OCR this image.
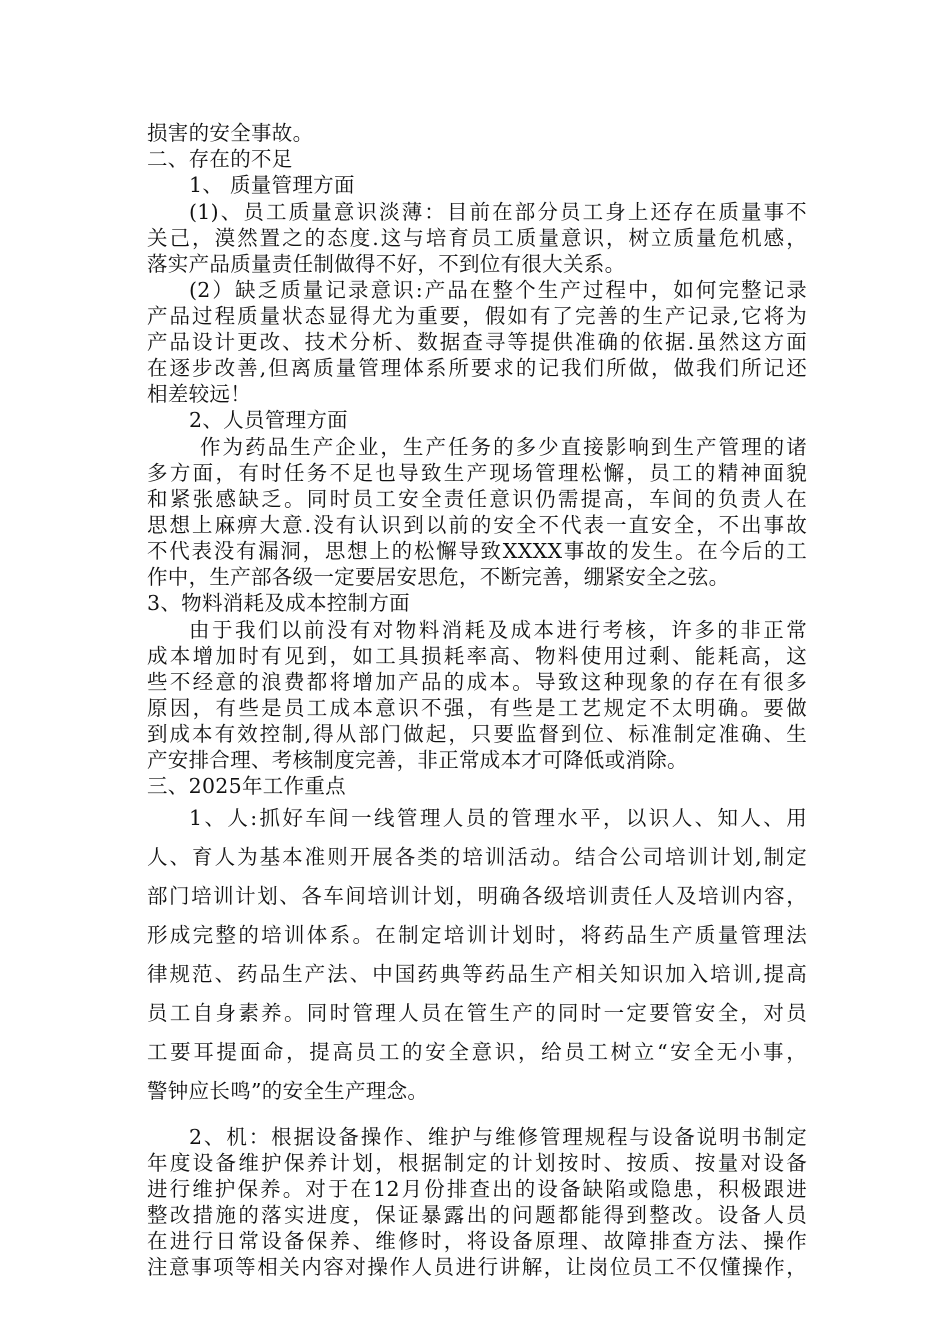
损害的安全事故。
二、存在的不足
1、 质量管理方面
(1)、员工质量意识淡薄：目前在部分员工身上还存在质量事不
关己，漠然置之的态度.这与培育员工质量意识，树立质量危机感，
落实产品质量责任制做得不好，不到位有很大关系。
(2）缺乏质量记录意识:产品在整个生产过程中，如何完整记录
产品过程质量状态显得尤为重要，假如有了完善的生产记录,它将为
产品设计更改、技术分析、数据查寻等提供准确的依据.虽然这方面
在逐步改善,但离质量管理体系所要求的记我们所做，做我们所记还
相差较远！
2、人员管理方面
作为药品生产企业，生产任务的多少直接影响到生产管理的诸
多方面，有时任务不足也导致生产现场管理松懈，员工的精神面貌
和紧张感缺乏。同时员工安全责任意识仍需提高，车间的负责人在
思想上麻痹大意.没有认识到以前的安全不代表一直安全，不出事故
不代表没有漏洞，思想上的松懈导致XXXX事故的发生。在今后的工
作中，生产部各级一定要居安思危，不断完善，绷紧安全之弦。
3、物料消耗及成本控制方面
由于我们以前没有对物料消耗及成本进行考核，许多的非正常
成本增加时有见到，如工具损耗率高、物料使用过剩、能耗高，这
些不经意的浪费都将增加产品的成本。导致这种现象的存在有很多
原因，有些是员工成本意识不强，有些是工艺规定不太明确。要做
到成本有效控制,得从部门做起，只要监督到位、标准制定准确、生
产安排合理、考核制度完善，非正常成本才可降低或消除。
三、2025年工作重点
1、人:抓好车间一线管理人员的管理水平，以识人、知人、用
人、育人为基本准则开展各类的培训活动。结合公司培训计划,制定
部门培训计划、各车间培训计划，明确各级培训责任人及培训内容，
形成完整的培训体系。在制定培训计划时，将药品生产质量管理法
律规范、药品生产法、中国药典等药品生产相关知识加入培训,提高
员工自身素养。同时管理人员在管生产的同时一定要管安全，对员
工要耳提面命，提高员工的安全意识，给员工树立“安全无小事，
警钟应长鸣”的安全生产理念。
2、机：根据设备操作、维护与维修管理规程与设备说明书制定
年度设备维护保养计划，根据制定的计划按时、按质、按量对设备
进行维护保养。对于在12月份排查出的设备缺陷或隐患，积极跟进
整改措施的落实进度，保证暴露出的问题都能得到整改。设备人员
在进行日常设备保养、维修时，将设备原理、故障排查方法、操作
注意事项等相关内容对操作人员进行讲解，让岗位员工不仅懂操作，
